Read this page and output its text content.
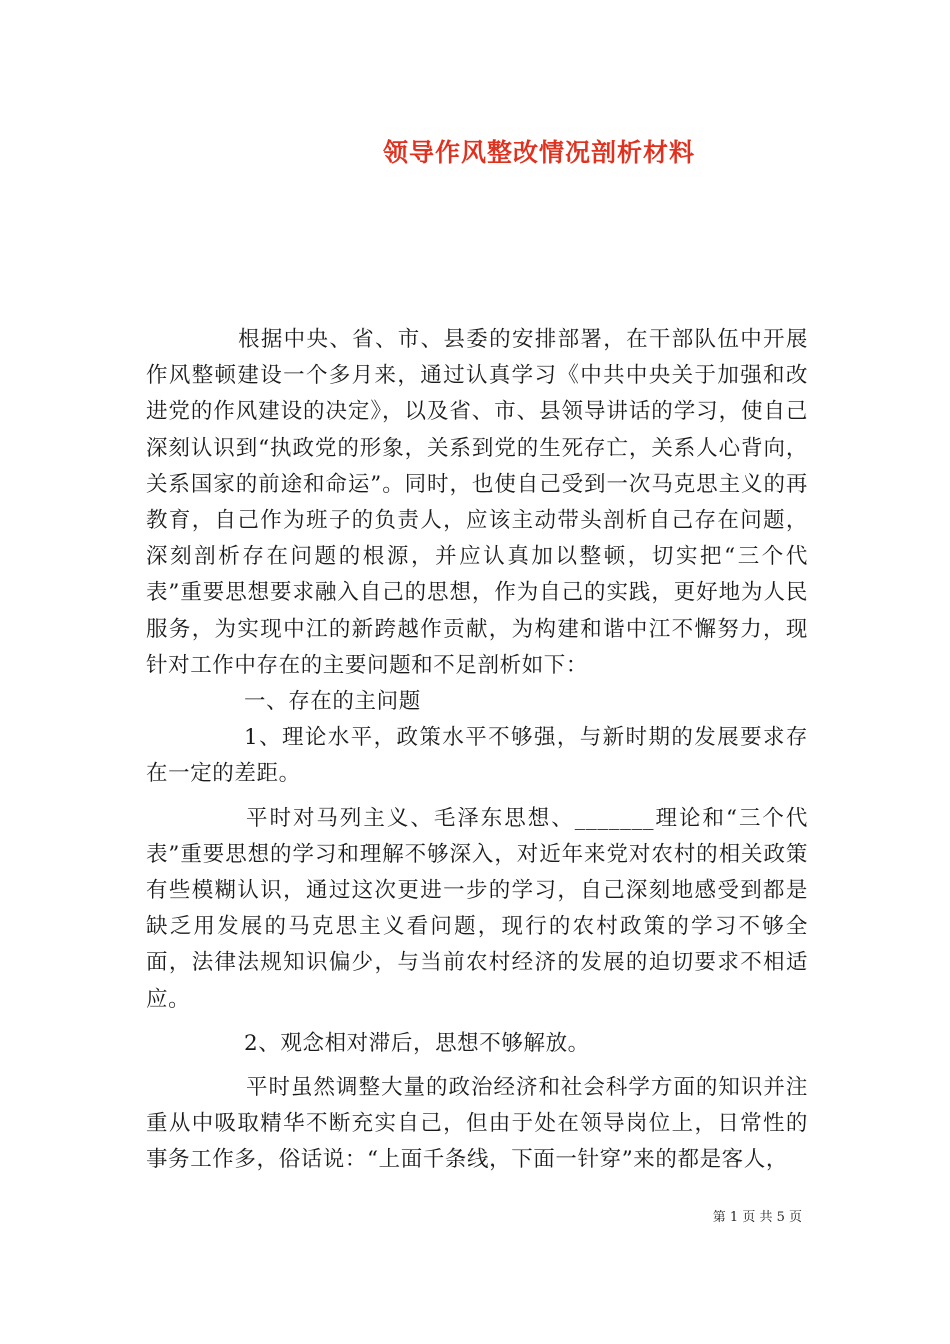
领导作风整改情况剖析材料

根据中央、省、市、县委的安排部署，在干部队伍中开展作风整顿建设一个多月来，通过认真学习《中共中央关于加强和改进党的作风建设的决定》，以及省、市、县领导讲话的学习，使自己深刻认识到“执政党的形象，关系到党的生死存亡，关系人心背向，关系国家的前途和命运”。同时，也使自己受到一次马克思主义的再教育，自己作为班子的负责人，应该主动带头剖析自己存在问题，深刻剖析存在问题的根源，并应认真加以整顿，切实把“三个代表”重要思想要求融入自己的思想，作为自己的实践，更好地为人民服务，为实现中江的新跨越作贡献，为构建和谐中江不懈努力，现针对工作中存在的主要问题和不足剖析如下：

一、存在的主问题

1、理论水平，政策水平不够强，与新时期的发展要求存在一定的差距。

平时对马列主义、毛泽东思想、_______理论和“三个代表”重要思想的学习和理解不够深入，对近年来党对农村的相关政策有些模糊认识，通过这次更进一步的学习，自己深刻地感受到都是缺乏用发展的马克思主义看问题，现行的农村政策的学习不够全面，法律法规知识偏少，与当前农村经济的发展的迫切要求不相适应。

2、观念相对滞后，思想不够解放。

平时虽然调整大量的政治经济和社会科学方面的知识并注重从中吸取精华不断充实自己，但由于处在领导岗位上，日常性的事务工作多，俗话说：“上面千条线，下面一针穿”来的都是客人，

第 1 页 共 5 页
